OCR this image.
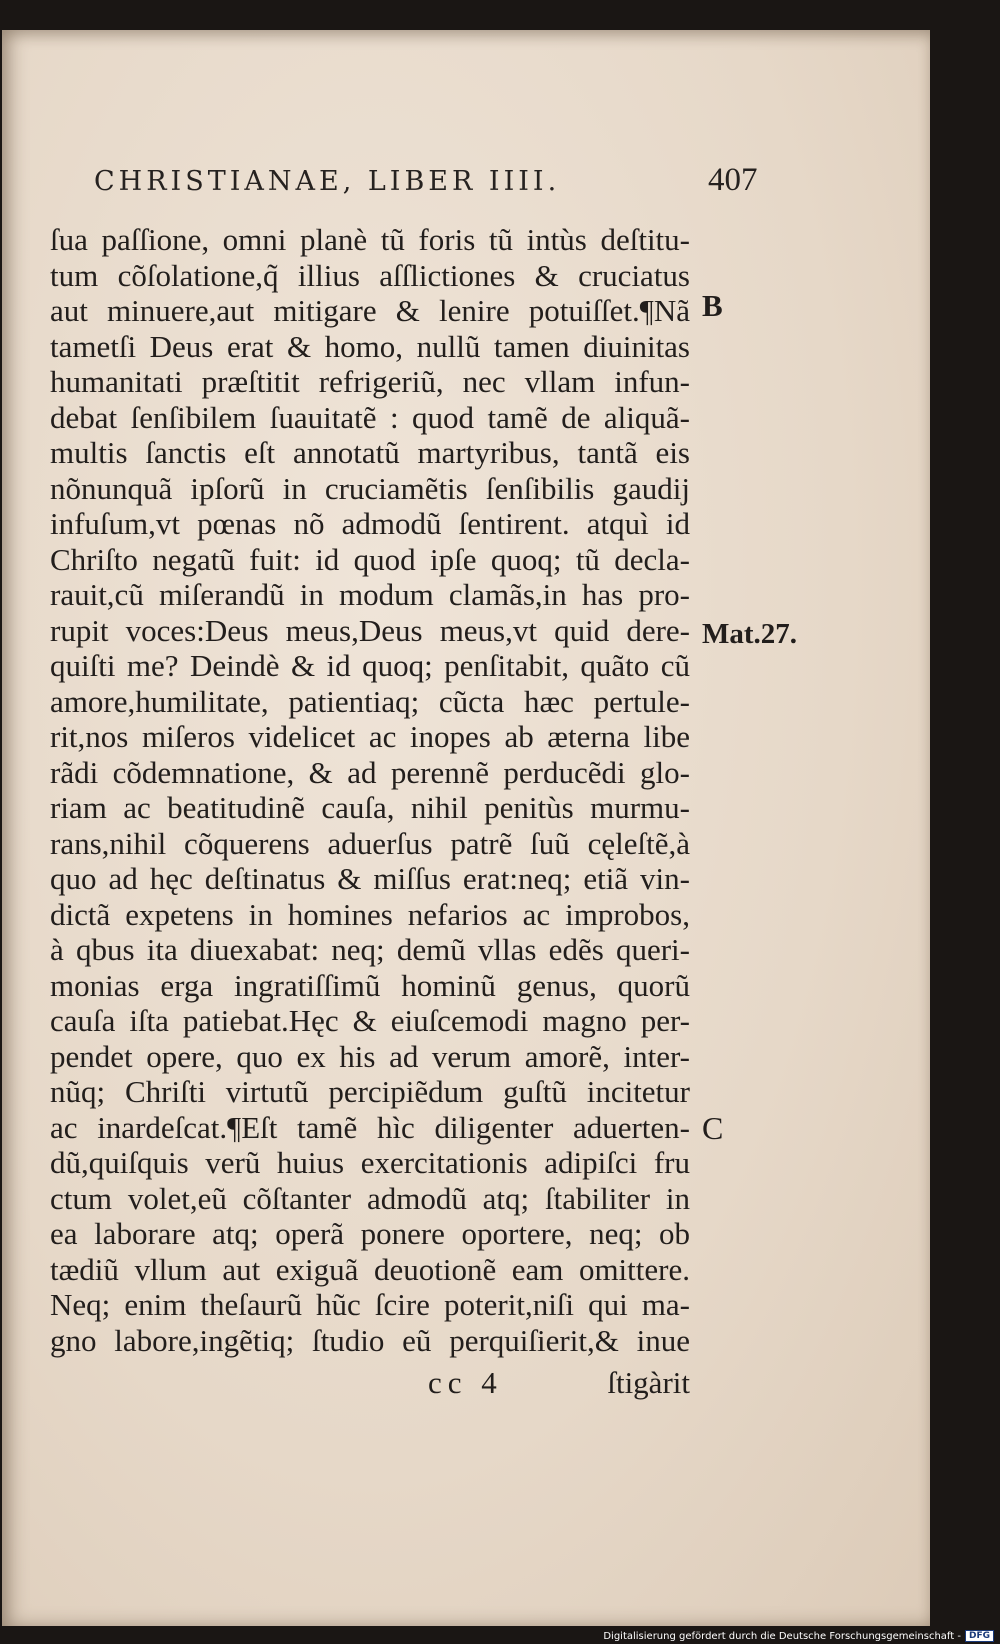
CHRISTIANAE, LIBER IIII.	407
ſua paſſione, omni planè tũ foris tũ intùs deſtitu-
tum cõſolatione,q̃ illius aſſlictiones & cruciatus
aut minuere,aut mitigare & lenire potuiſſet.¶Nã
tametſi Deus erat & homo, nullũ tamen diuinitas
humanitati præſtitit refrigeriũ, nec vllam infun-
debat ſenſibilem ſuauitatẽ : quod tamẽ de aliquã-
multis ſanctis eſt annotatũ martyribus, tantã eis
nõnunquã ipſorũ in cruciamẽtis ſenſibilis gaudij
infuſum,vt pœnas nõ admodũ ſentirent. atquì id
Chriſto negatũ fuit: id quod ipſe quoq; tũ decla-
rauit,cũ miſerandũ in modum clamãs,in has pro-
rupit voces:Deus meus,Deus meus,vt quid dere-
quiſti me? Deindè & id quoq; penſitabit, quãto cũ
amore,humilitate, patientiaq; cũcta hæc pertule-
rit,nos miſeros videlicet ac inopes ab æterna libe
rãdi cõdemnatione, & ad perennẽ perducẽdi glo-
riam ac beatitudinẽ cauſa, nihil penitùs murmu-
rans,nihil cõquerens aduerſus patrẽ ſuũ cęleſtẽ,à
quo ad hęc deſtinatus & miſſus erat:neq; etiã vin-
dictã expetens in homines nefarios ac improbos,
à qbus ita diuexabat: neq; demũ vllas edẽs queri-
monias erga ingratiſſimũ hominũ genus, quorũ
cauſa iſta patiebat.Hęc & eiuſcemodi magno per-
pendet opere, quo ex his ad verum amorẽ, inter-
nũq; Chriſti virtutũ percipiẽdum guſtũ incitetur
ac inardeſcat.¶Eſt tamẽ hìc diligenter aduerten-
dũ,quiſquis verũ huius exercitationis adipiſci fru
ctum volet,eũ cõſtanter admodũ atq; ſtabiliter in
ea laborare atq; operã ponere oportere, neq; ob
tædiũ vllum aut exiguã deuotionẽ eam omittere.
Neq; enim theſaurũ hũc ſcire poterit,niſi qui ma-
gno labore,ingẽtiq; ſtudio eũ perquiſierit,& inue
B
Mat.27.
C
cc 4	ſtigàrit
Digitalisierung gefördert durch die Deutsche Forschungsgemeinschaft - DFG
